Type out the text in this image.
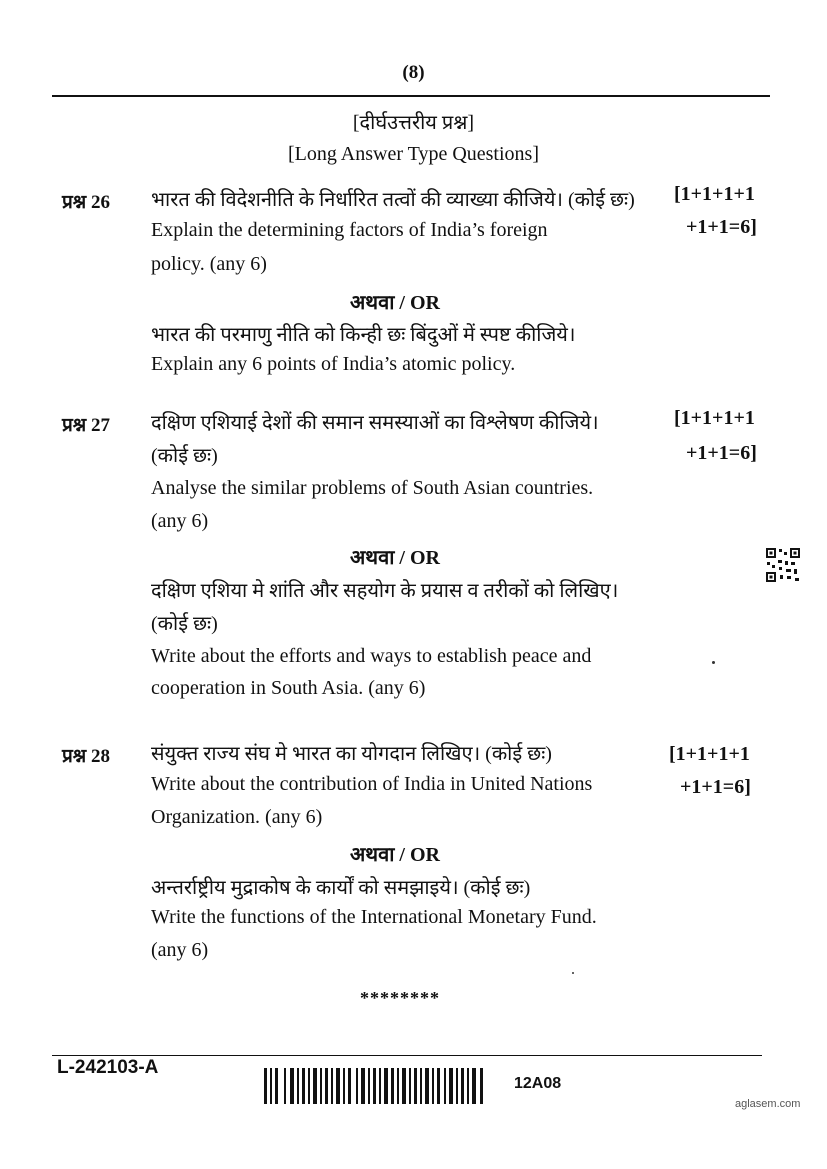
(8)
[दीर्घउत्तरीय प्रश्न]
[Long Answer Type Questions]
प्रश्न 26 भारत की विदेशनीति के निर्धारित तत्वों की व्याख्या कीजिये। (कोई छः)
Explain the determining factors of India’s foreign
policy. (any 6)
[1+1+1+1
+1+1=6]
अथवा / OR
भारत की परमाणु नीति को किन्ही छः बिंदुओं में स्पष्ट कीजिये।
Explain any 6 points of India’s atomic policy.
प्रश्न 27 दक्षिण एशियाई देशों की समान समस्याओं का विश्लेषण कीजिये।
(कोई छः)
Analyse the similar problems of South Asian countries.
(any 6)
[1+1+1+1
+1+1=6]
अथवा / OR
दक्षिण एशिया मे शांति और सहयोग के प्रयास व तरीकों को लिखिए।
(कोई छः)
Write about the efforts and ways to establish peace and
cooperation in South Asia. (any 6)
प्रश्न 28 संयुक्त राज्य संघ मे भारत का योगदान लिखिए। (कोई छः)
Write about the contribution of India in United Nations
Organization. (any 6)
[1+1+1+1
+1+1=6]
अथवा / OR
अन्तर्राष्ट्रीय मुद्राकोष के कार्यों को समझाइये। (कोई छः)
Write the functions of the International Monetary Fund.
(any 6)
********
L-242103-A
12A08
aglasem.com
